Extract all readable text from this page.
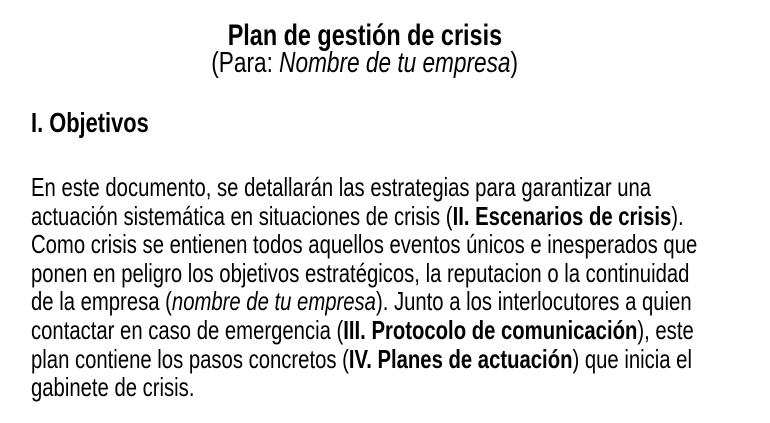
Plan de gestión de crisis
(Para: Nombre de tu empresa)
I. Objetivos
En este documento, se detallarán las estrategias para garantizar una
actuación sistemática en situaciones de crisis (II. Escenarios de crisis).
Como crisis se entienen todos aquellos eventos únicos e inesperados que
ponen en peligro los objetivos estratégicos, la reputacion o la continuidad
de la empresa (nombre de tu empresa). Junto a los interlocutores a quien
contactar en caso de emergencia (III. Protocolo de comunicación), este
plan contiene los pasos concretos (IV. Planes de actuación) que inicia el
gabinete de crisis.
